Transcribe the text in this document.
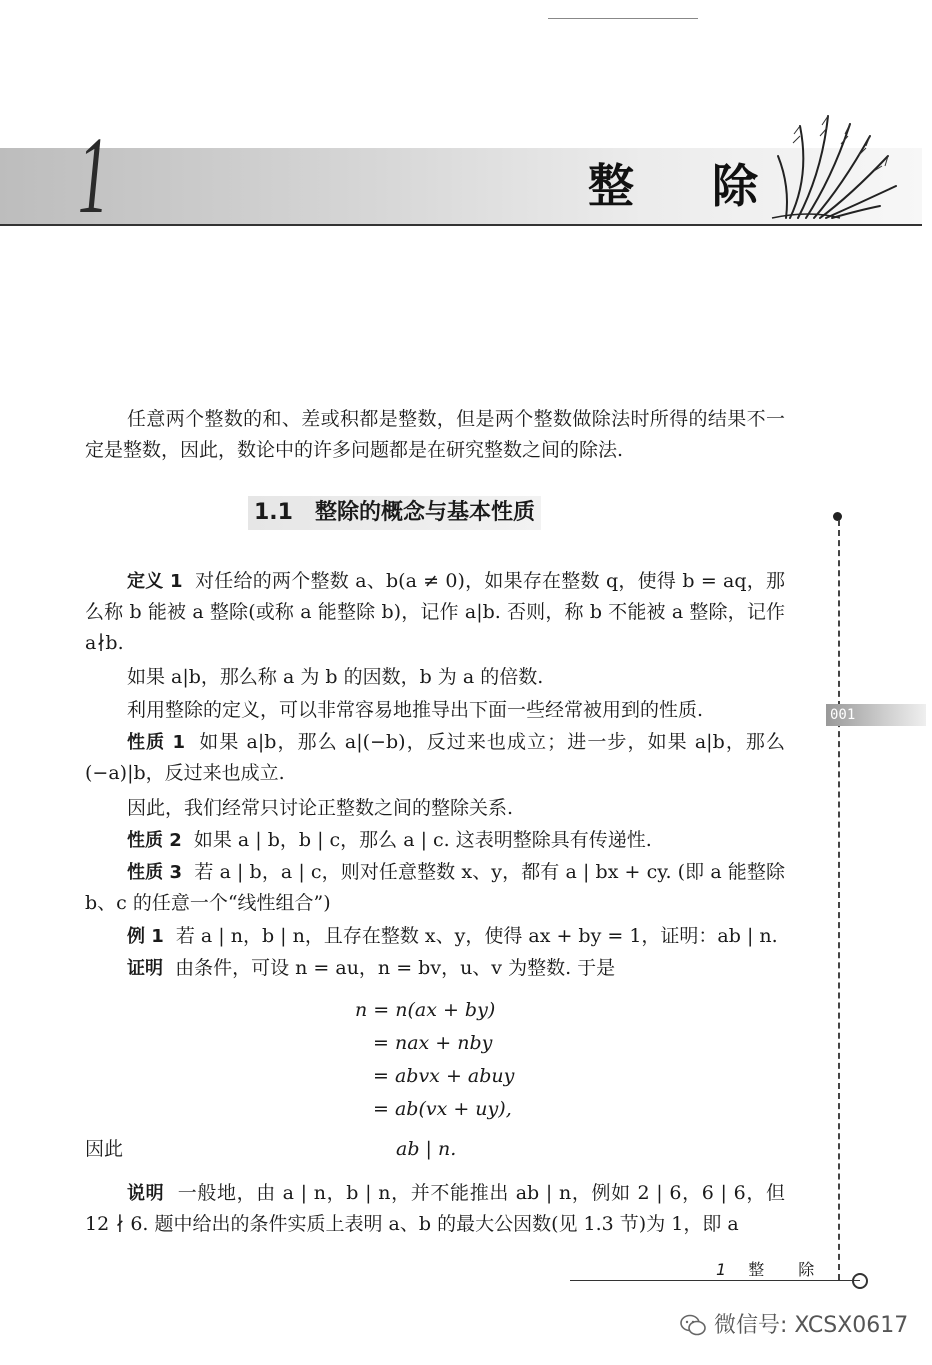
1	整除

任意两个整数的和、差或积都是整数，但是两个整数做除法时所得的结果不一定是整数，因此，数论中的许多问题都是在研究整数之间的除法.

1.1 整除的概念与基本性质

定义 1 对任给的两个整数 a、b(a ≠ 0)，如果存在整数 q，使得 b = aq，那么称 b 能被 a 整除(或称 a 能整除 b)，记作 a|b. 否则，称 b 不能被 a 整除，记作 a∤b.

如果 a|b，那么称 a 为 b 的因数，b 为 a 的倍数.

利用整除的定义，可以非常容易地推导出下面一些经常被用到的性质.

性质 1 如果 a|b，那么 a|(−b)，反过来也成立；进一步，如果 a|b，那么 (−a)|b，反过来也成立.

因此，我们经常只讨论正整数之间的整除关系.

性质 2 如果 a | b，b | c，那么 a | c. 这表明整除具有传递性.

性质 3 若 a | b，a | c，则对任意整数 x、y，都有 a | bx + cy. (即 a 能整除 b、c 的任意一个“线性组合”)

例 1 若 a | n，b | n，且存在整数 x、y，使得 ax + by = 1，证明：ab | n.

证明 由条件，可设 n = au，n = bv，u、v 为整数. 于是

n = n(ax + by)
= nax + nby
= abvx + abuy
= ab(vx + uy),
因此	ab | n.

说明 一般地，由 a | n，b | n，并不能推出 ab | n，例如 2 | 6，6 | 6，但 12 ∤ 6. 题中给出的条件实质上表明 a、b 的最大公因数(见 1.3 节)为 1，即 a

001
1 整除
微信号: XCSX0617
